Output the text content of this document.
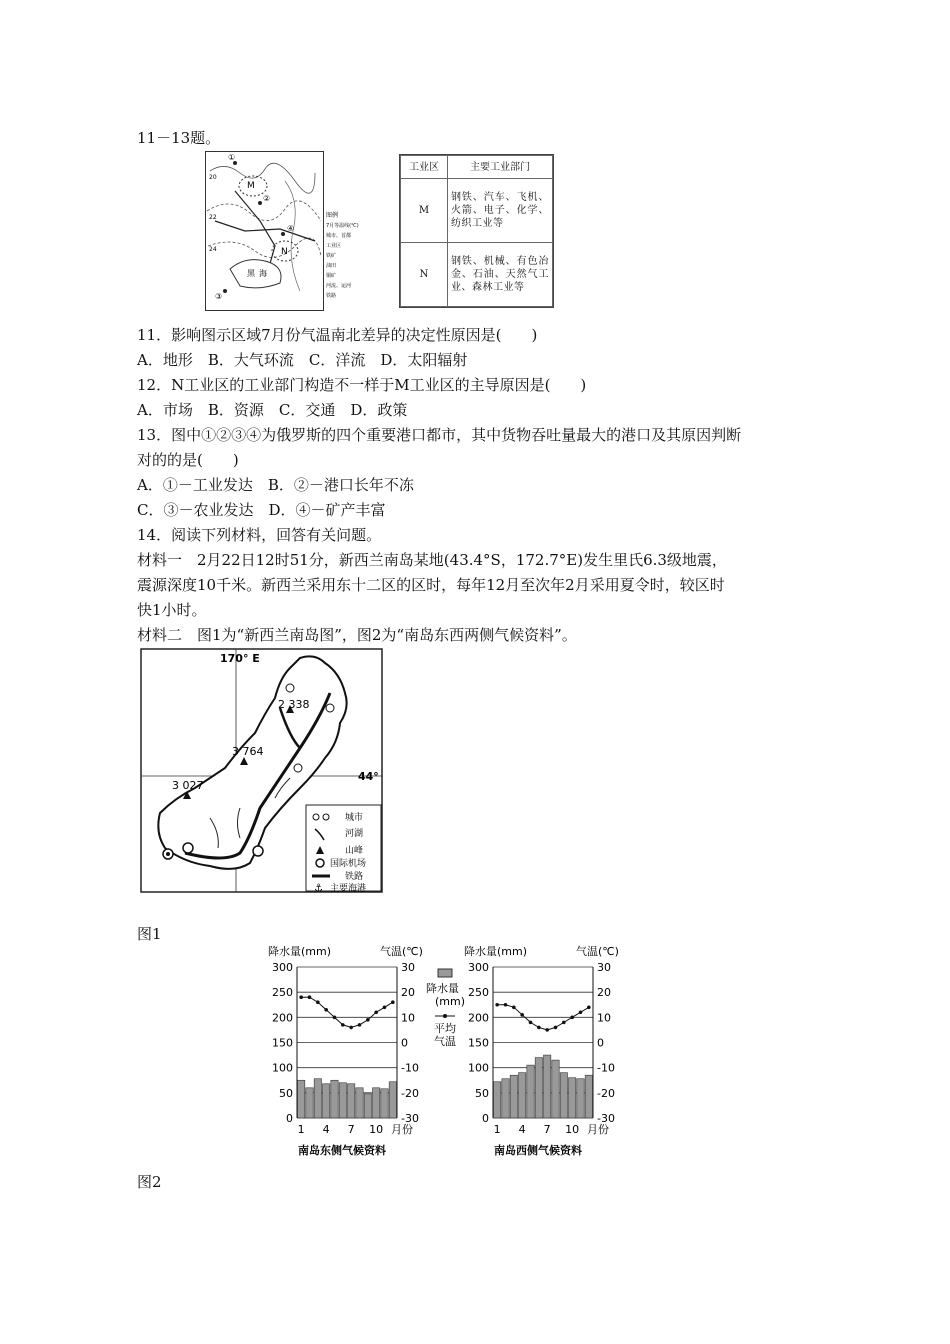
11－13题。
M
N
①
②
③
④
黑 海
20
22
24
图例
7月等温线(℃)
城市、首都
工业区
铁矿
油田
铜矿
河流、运河
铁路
工业区	主要工业部门
M	钢铁、汽车、飞机、火箭、电子、化学、纺织工业等
N	钢铁、机械、有色冶金、石油、天然气工业、森林工业等
11．影响图示区域7月份气温南北差异的决定性原因是(　　)
A．地形　B．大气环流　C．洋流　D．太阳辐射
12．N工业区的工业部门构造不一样于M工业区的主导原因是(　　)
A．市场　B．资源　C．交通　D．政策
13．图中①②③④为俄罗斯的四个重要港口都市，其中货物吞吐量最大的港口及其原因判断
对的的是(　　)
A．①－工业发达　B．②－港口长年不冻
C．③－农业发达　D．④－矿产丰富
14．阅读下列材料，回答有关问题。
材料一　2月22日12时51分，新西兰南岛某地(43.4°S，172.7°E)发生里氏6.3级地震，
震源深度10千米。新西兰采用东十二区的区时，每年12月至次年2月采用夏令时，较区时
快1小时。
材料二　图1为“新西兰南岛图”，图2为“南岛东西两侧气候资料”。
170° E
44°
2 338
3 764
3 027
城市
河湖
山峰
国际机场
铁路
⚓ 主要海港
图1
降水量(mm)	气温(℃)
300
250
200
150
100
50
0
30
20
10
0
-10
-20
-30
1 4 7 10 月份
南岛东侧气候资料
降水量(mm)	气温(℃)
300
250
200
150
100
50
0
30
20
10
0
-10
-20
-30
1 4 7 10 月份
南岛西侧气候资料
降水量(mm)
平均气温
图2
